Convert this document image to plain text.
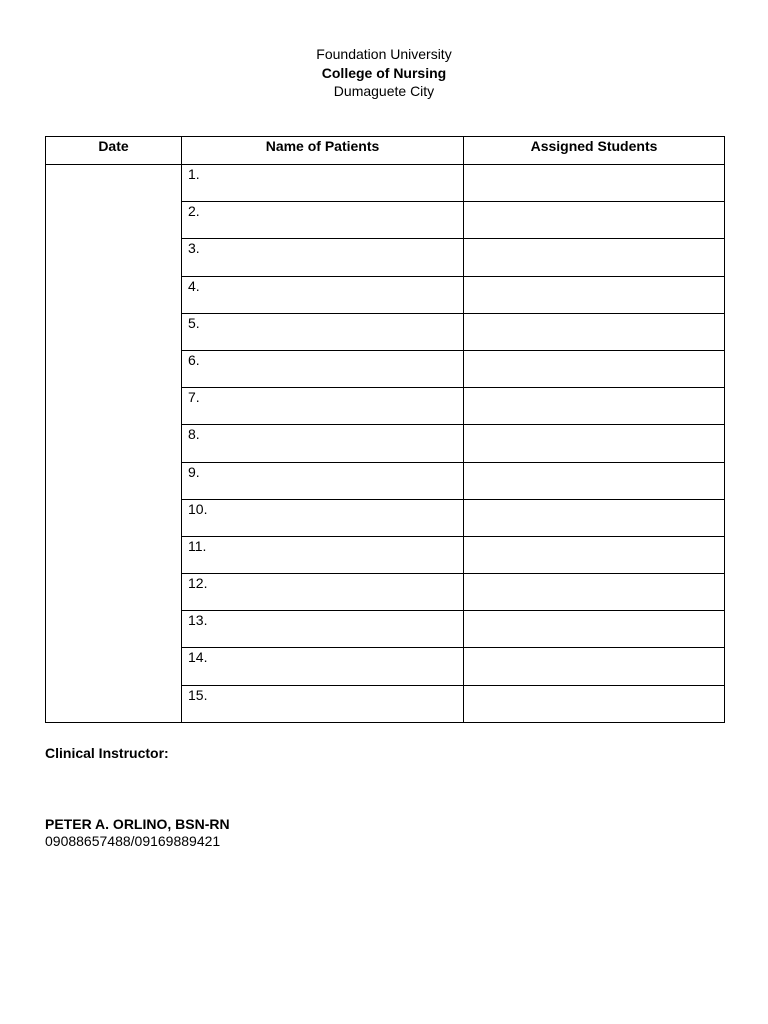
Foundation University
College of Nursing
Dumaguete City
Date	Name of Patients	Assigned Students
	1.	
	2.	
	3.	
	4.	
	5.	
	6.	
	7.	
	8.	
	9.	
	10.	
	11.	
	12.	
	13.	
	14.	
	15.	
Clinical Instructor:
PETER A. ORLINO, BSN-RN
09088657488/09169889421
